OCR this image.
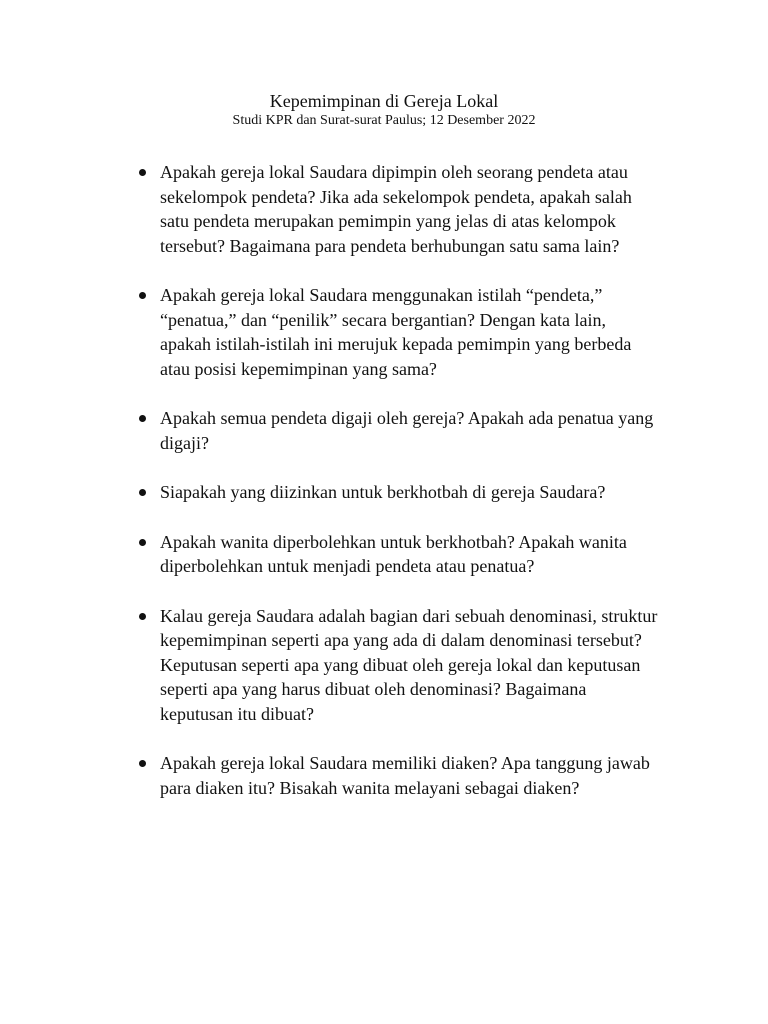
Kepemimpinan di Gereja Lokal
Studi KPR dan Surat-surat Paulus; 12 Desember 2022
Apakah gereja lokal Saudara dipimpin oleh seorang pendeta atau sekelompok pendeta? Jika ada sekelompok pendeta, apakah salah satu pendeta merupakan pemimpin yang jelas di atas kelompok tersebut? Bagaimana para pendeta berhubungan satu sama lain?
Apakah gereja lokal Saudara menggunakan istilah “pendeta,” “penatua,” dan “penilik” secara bergantian? Dengan kata lain, apakah istilah-istilah ini merujuk kepada pemimpin yang berbeda atau posisi kepemimpinan yang sama?
Apakah semua pendeta digaji oleh gereja? Apakah ada penatua yang digaji?
Siapakah yang diizinkan untuk berkhotbah di gereja Saudara?
Apakah wanita diperbolehkan untuk berkhotbah? Apakah wanita diperbolehkan untuk menjadi pendeta atau penatua?
Kalau gereja Saudara adalah bagian dari sebuah denominasi, struktur kepemimpinan seperti apa yang ada di dalam denominasi tersebut? Keputusan seperti apa yang dibuat oleh gereja lokal dan keputusan seperti apa yang harus dibuat oleh denominasi? Bagaimana keputusan itu dibuat?
Apakah gereja lokal Saudara memiliki diaken? Apa tanggung jawab para diaken itu? Bisakah wanita melayani sebagai diaken?
